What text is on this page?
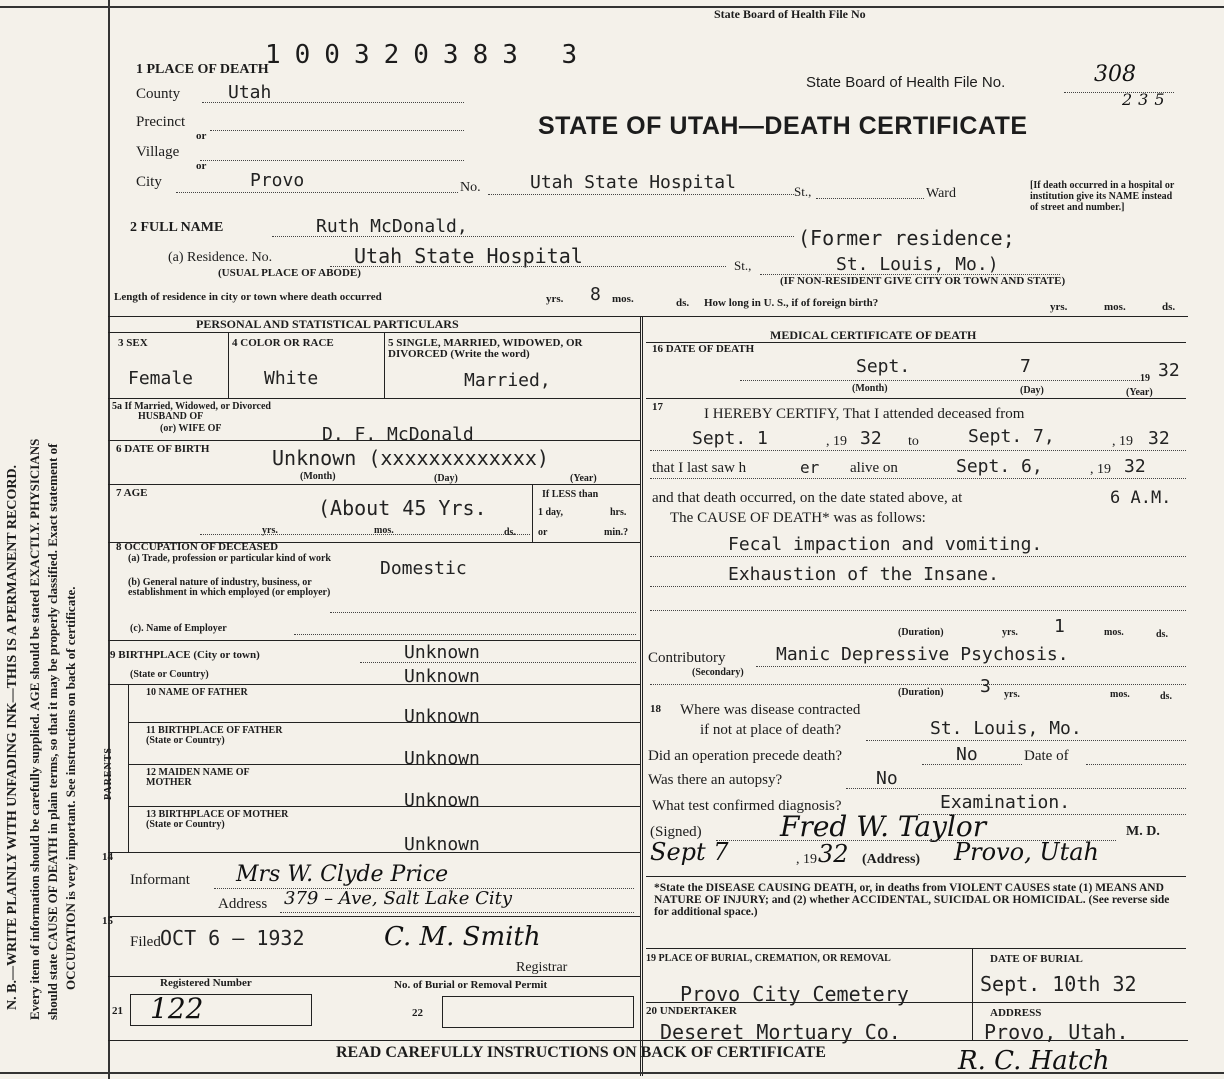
N. B.—WRITE PLAINLY WITH UNFADING INK—THIS IS A PERMANENT RECORD. Every item of information should be carefully supplied. AGE should be stated EXACTLY. PHYSICIANS should state CAUSE OF DEATH in plain terms, so that it may be properly classified. Exact statement of OCCUPATION is very important. See instructions on back of certificate.
State Board of Health File No
100320383 3
1 PLACE OF DEATH
State Board of Health File No.	308
235
STATE OF UTAH—DEATH CERTIFICATE
County	Utah
Precinct
or
Village
or
City	Provo	No.	Utah State Hospital	St.,	Ward
[If death occurred in a hospital or institution give its NAME instead of street and number.]
2 FULL NAME	Ruth McDonald,	(Former residence;
(a) Residence. No.
(USUAL PLACE OF ABODE)
Utah State Hospital	St.,	St. Louis, Mo.)
(IF NON-RESIDENT GIVE CITY OR TOWN AND STATE)
Length of residence in city or town where death occurred	yrs. 8 mos.	ds. How long in U. S., if of foreign birth?	yrs.	mos.	ds.
PERSONAL AND STATISTICAL PARTICULARS
MEDICAL CERTIFICATE OF DEATH
3 SEX
Female
4 COLOR OR RACE
White
5 SINGLE, MARRIED, WIDOWED, OR DIVORCED (Write the word)
Married,
5a If Married, Widowed, or Divorced
HUSBAND OF
(or) WIFE OF	D. F. McDonald
6 DATE OF BIRTH	Unknown (xxxxxxxxxxxxx)
(Month)	(Day)	(Year)
7 AGE
(About 45 Yrs.
yrs.	mos.	ds.
If LESS than
1 day,	hrs.
or	min.?
8 OCCUPATION OF DECEASED
(a) Trade, profession or particular kind of work
(b) General nature of industry, business, or establishment in which employed (or employer)
Domestic
(c). Name of Employer
9 BIRTHPLACE (City or town)	Unknown
(State or Country)	Unknown
PARENTS
10 NAME OF FATHER
Unknown
11 BIRTHPLACE OF FATHER (State or Country)
Unknown
12 MAIDEN NAME OF MOTHER
Unknown
13 BIRTHPLACE OF MOTHER (State or Country)
Unknown
14
Informant Mrs W. Clyde Price
Address 379 – Ave, Salt Lake City
15
Filed OCT 6 – 1932	C. M. Smith
Registrar
Registered Number
21 122
No. of Burial or Removal Permit
22
16 DATE OF DEATH
Sept.	7
19 32
(Month)	(Day)	(Year)
17	I HEREBY CERTIFY, That I attended deceased from
Sept. 1	, 19 32 to	Sept. 7,	, 19 32
that I last saw h	er alive on	Sept. 6,	, 19 32
and that death occurred, on the date stated above, at	6 A.M.
The CAUSE OF DEATH* was as follows:
Fecal impaction and vomiting.
Exhaustion of the Insane.
(Duration)	yrs. 1	mos.	ds.
Contributory
(Secondary)
Manic Depressive Psychosis.
(Duration) 3 yrs.	mos.	ds.
18 Where was disease contracted
if not at place of death?	St. Louis, Mo.
Did an operation precede death?	No	Date of
Was there an autopsy?	No
What test confirmed diagnosis?	Examination.
(Signed)	Fred W. Taylor	M. D.
Sept 7	, 19 32 (Address) Provo, Utah
*State the DISEASE CAUSING DEATH, or, in deaths from VIOLENT CAUSES state (1) MEANS AND NATURE OF INJURY; and (2) whether ACCIDENTAL, SUICIDAL OR HOMICIDAL. (See reverse side for additional space.)
19 PLACE OF BURIAL, CREMATION, OR REMOVAL
Provo City Cemetery
DATE OF BURIAL
Sept. 10th 32
20 UNDERTAKER
Deseret Mortuary Co.
ADDRESS
Provo, Utah.
READ CAREFULLY INSTRUCTIONS ON BACK OF CERTIFICATE	R. C. Hatch
